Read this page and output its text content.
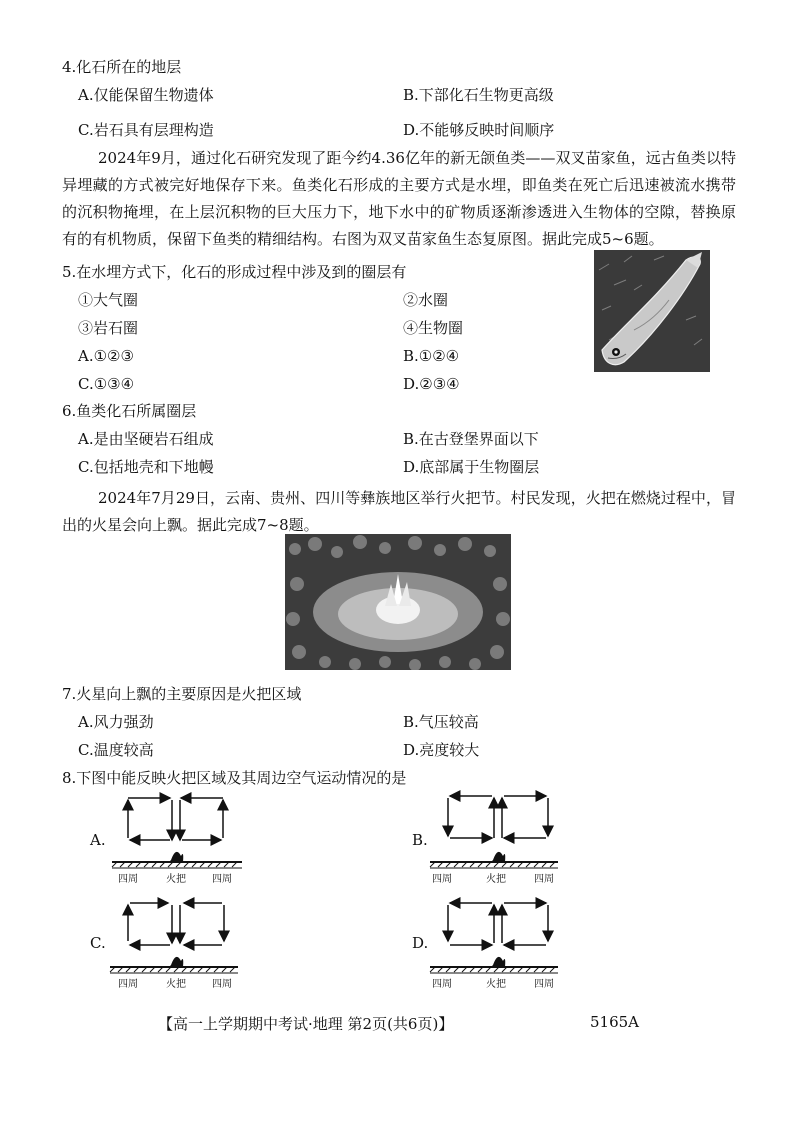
4.化石所在的地层
A.仅能保留生物遗体	B.下部化石生物更高级
C.岩石具有层理构造	D.不能够反映时间顺序
2024年9月，通过化石研究发现了距今约4.36亿年的新无颌鱼类——双叉苗家鱼，远古鱼类以特异埋藏的方式被完好地保存下来。鱼类化石形成的主要方式是水埋，即鱼类在死亡后迅速被流水携带的沉积物掩埋，在上层沉积物的巨大压力下，地下水中的矿物质逐渐渗透进入生物体的空隙，替换原有的有机物质，保留下鱼类的精细结构。右图为双叉苗家鱼生态复原图。据此完成5~6题。
5.在水埋方式下，化石的形成过程中涉及到的圈层有
①大气圈	②水圈
③岩石圈	④生物圈
A.①②③	B.①②④
C.①③④	D.②③④
6.鱼类化石所属圈层
A.是由坚硬岩石组成	B.在古登堡界面以下
C.包括地壳和下地幔	D.底部属于生物圈层
2024年7月29日，云南、贵州、四川等彝族地区举行火把节。村民发现，火把在燃烧过程中，冒出的火星会向上飘。据此完成7~8题。
7.火星向上飘的主要原因是火把区域
A.风力强劲	B.气压较高
C.温度较高	D.亮度较大
8.下图中能反映火把区域及其周边空气运动情况的是
A.
四周	火把	四周
B.
四周	火把	四周
C.
四周	火把	四周
D.
四周	火把	四周
【高一上学期期中考试·地理 第2页(共6页)】	5165A
